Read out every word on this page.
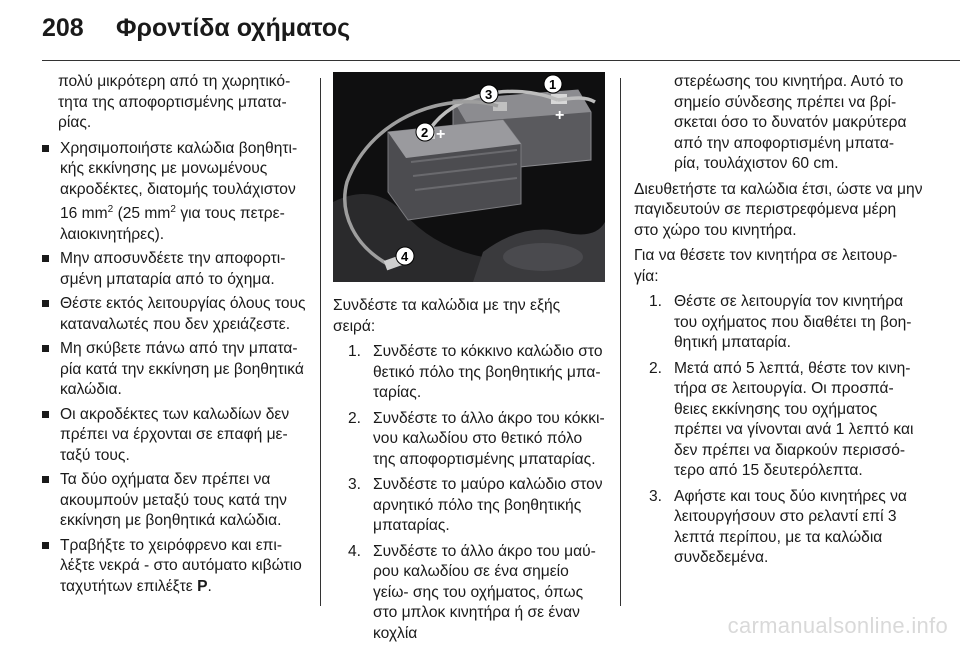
208 Φροντίδα οχήματος

πολύ μικρότερη από τη χωρητικό- τητα της αποφορτισμένης μπατα- ρίας.

Χρησιμοποιήστε καλώδια βοηθητι- κής εκκίνησης με μονωμένους ακροδέκτες, διατομής τουλάχιστον 16 $mm^2$ (25 $mm^2$ για τους πετρε- λαιοκινητήρες).
Μην αποσυνδέετε την αποφορτι- σμένη μπαταρία από το όχημα.
Θέστε εκτός λειτουργίας όλους τους καταναλωτές που δεν χρειάζεστε.
Μη σκύβετε πάνω από την μπατα- ρία κατά την εκκίνηση με βοηθητικά καλώδια.
Οι ακροδέκτες των καλωδίων δεν πρέπει να έρχονται σε επαφή με- ταξύ τους.
Τα δύο οχήματα δεν πρέπει να ακουμπούν μεταξύ τους κατά την εκκίνηση με βοηθητικά καλώδια.
Τραβήξτε το χειρόφρενο και επι- λέξτε νεκρά - στο αυτόματο κιβώτιο ταχυτήτων επιλέξτε P.
+
+
1
2
3
4

Συνδέστε τα καλώδια με την εξής σειρά:

1. Συνδέστε το κόκκινο καλώδιο στο θετικό πόλο της βοηθητικής μπα- ταρίας.
2. Συνδέστε το άλλο άκρο του κόκκι- νου καλωδίου στο θετικό πόλο της αποφορτισμένης μπαταρίας.
3. Συνδέστε το μαύρο καλώδιο στον αρνητικό πόλο της βοηθητικής μπαταρίας.
4. Συνδέστε το άλλο άκρο του μαύ- ρου καλωδίου σε ένα σημείο γείω- σης του οχήματος, όπως στο μπλοκ κινητήρα ή σε έναν κοχλία

στερέωσης του κινητήρα. Αυτό το σημείο σύνδεσης πρέπει να βρί- σκεται όσο το δυνατόν μακρύτερα από την αποφορτισμένη μπατα- ρία, τουλάχιστον 60 cm.

Διευθετήστε τα καλώδια έτσι, ώστε να μην παγιδευτούν σε περιστρεφόμενα μέρη στο χώρο του κινητήρα.

Για να θέσετε τον κινητήρα σε λειτουρ- γία:

1. Θέστε σε λειτουργία τον κινητήρα του οχήματος που διαθέτει τη βοη- θητική μπαταρία.
2. Μετά από 5 λεπτά, θέστε τον κινη- τήρα σε λειτουργία. Οι προσπά- θειες εκκίνησης του οχήματος πρέπει να γίνονται ανά 1 λεπτό και δεν πρέπει να διαρκούν περισσό- τερο από 15 δευτερόλεπτα.
3. Αφήστε και τους δύο κινητήρες να λειτουργήσουν στο ρελαντί επί 3 λεπτά περίπου, με τα καλώδια συνδεδεμένα.
carmanualsonline.info
